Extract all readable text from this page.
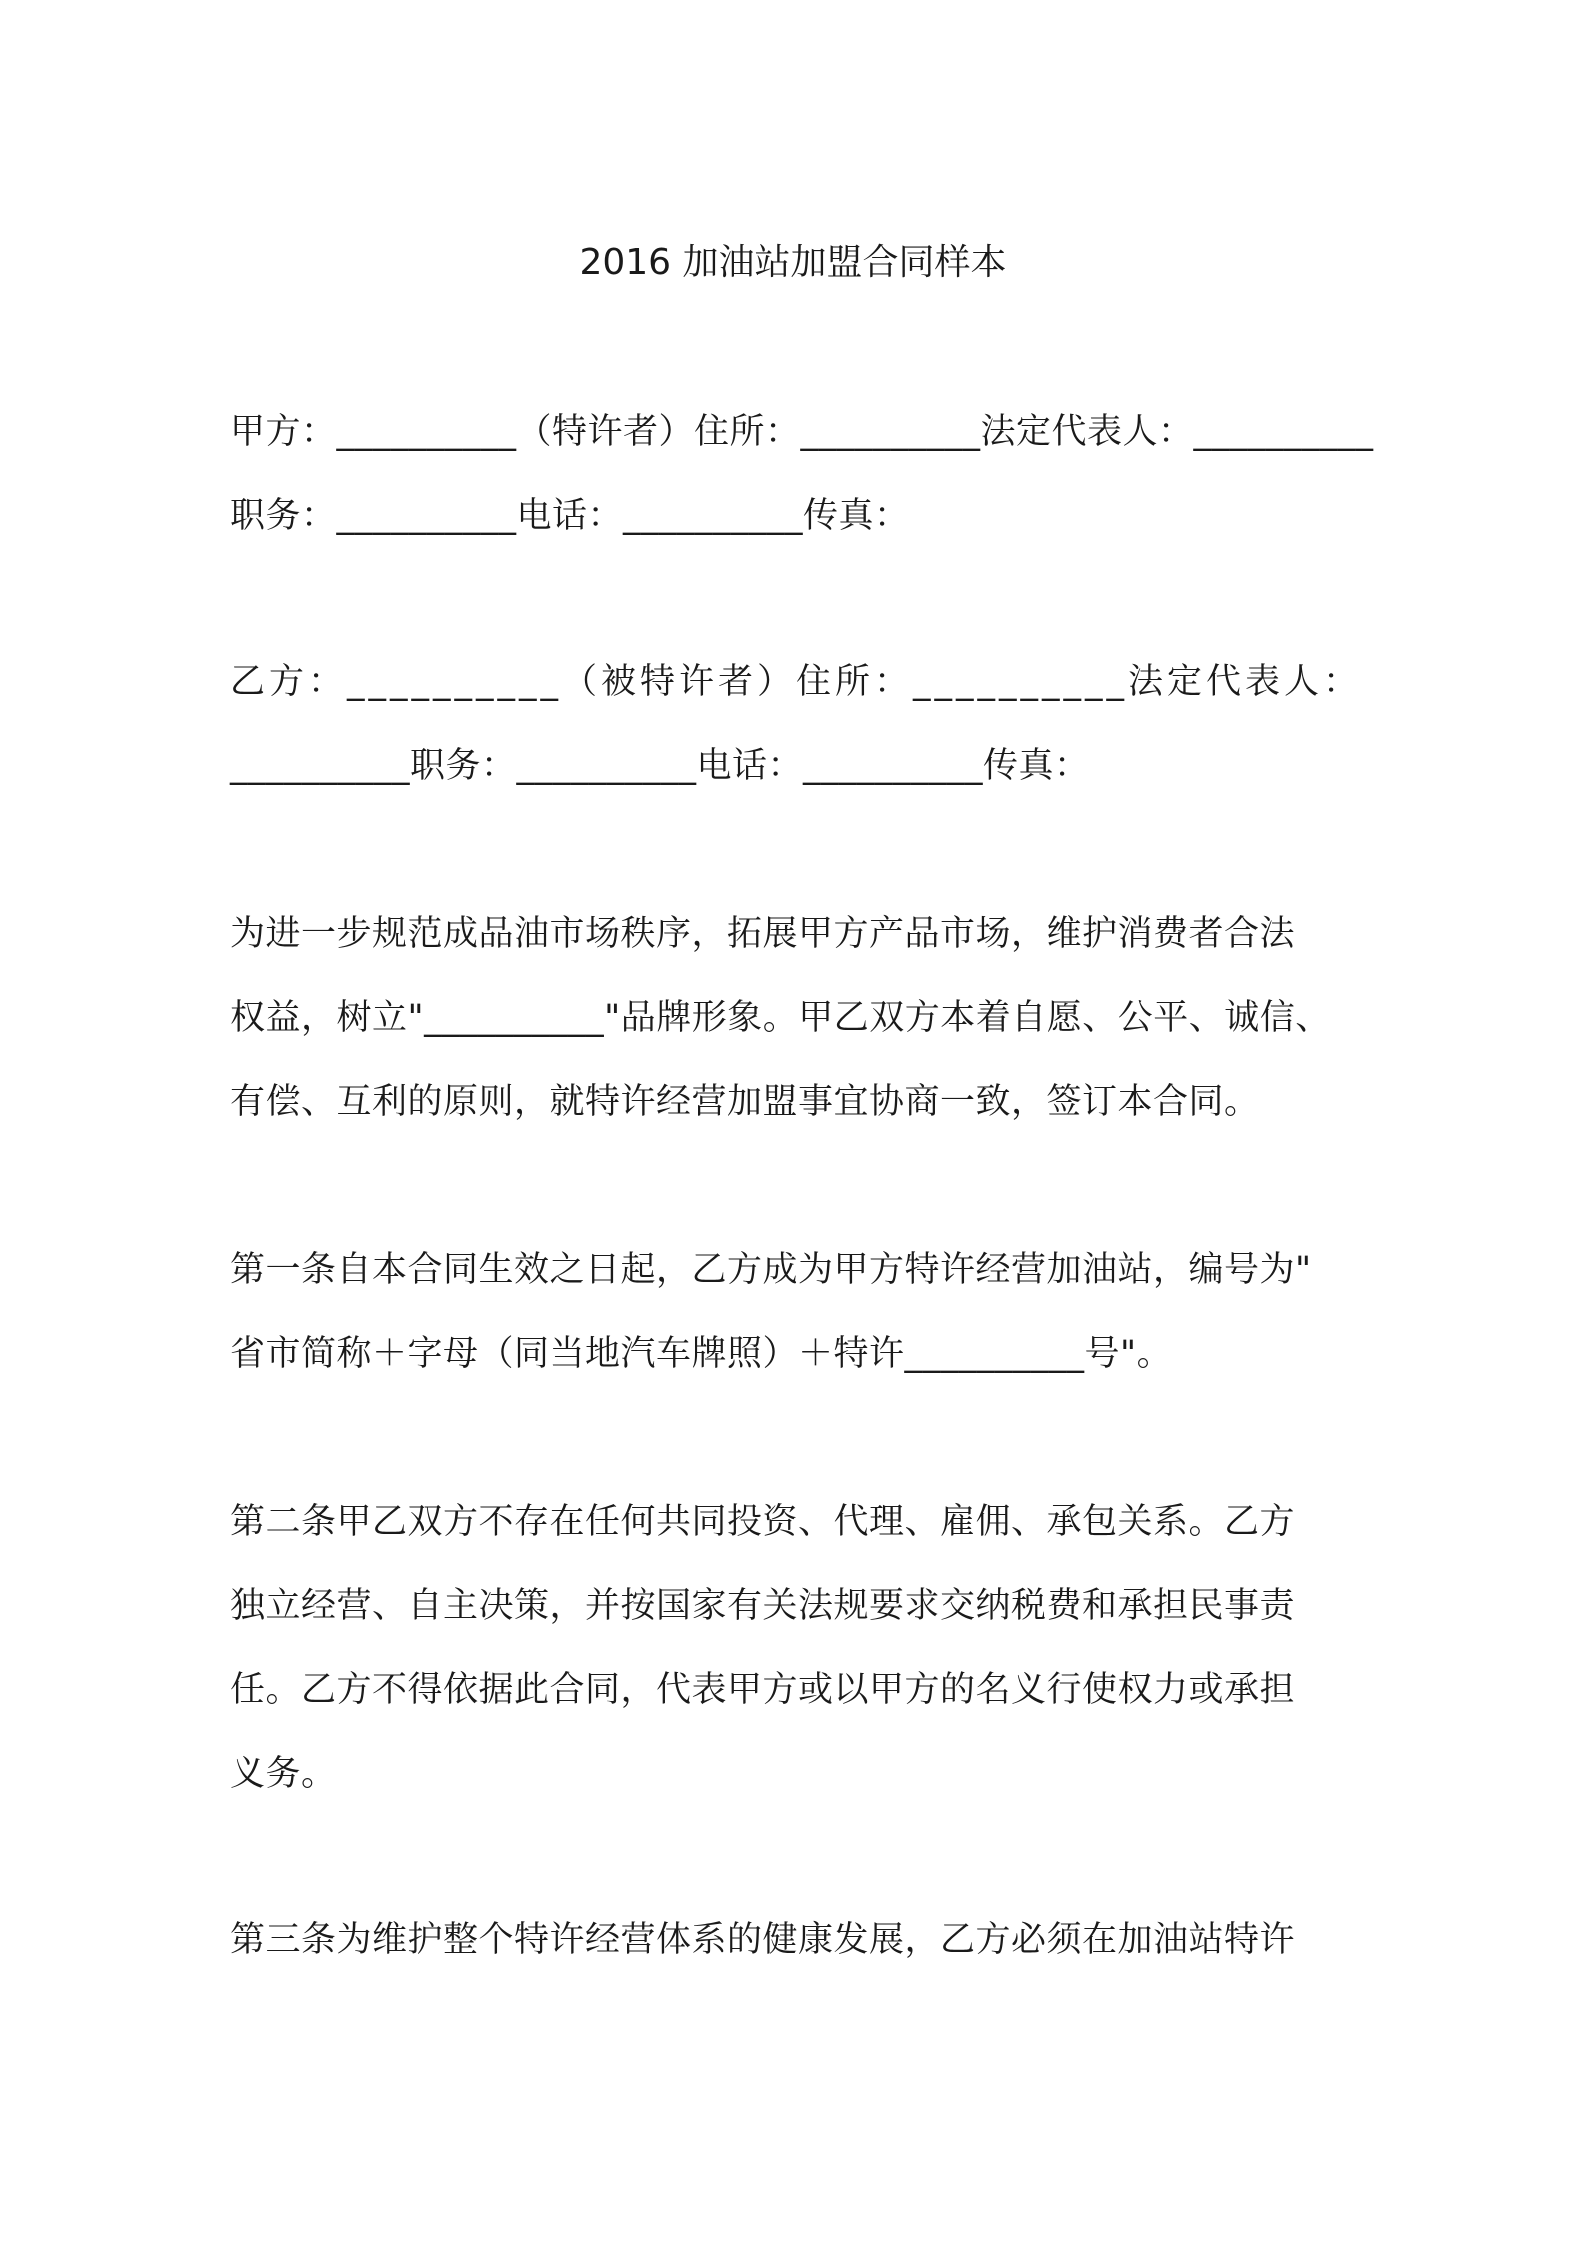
2016 加油站加盟合同样本
甲方：__________（特许者）住所：__________法定代表人：__________
职务：__________电话：__________传真：
乙方：__________（被特许者）住所：__________法定代表人：
__________职务：__________电话：__________传真：
为进一步规范成品油市场秩序，拓展甲方产品市场，维护消费者合法
权益，树立"__________"品牌形象。甲乙双方本着自愿、公平、诚信、
有偿、互利的原则，就特许经营加盟事宜协商一致，签订本合同。
第一条自本合同生效之日起，乙方成为甲方特许经营加油站，编号为"
省市简称＋字母（同当地汽车牌照）＋特许__________号"。
第二条甲乙双方不存在任何共同投资、代理、雇佣、承包关系。乙方
独立经营、自主决策，并按国家有关法规要求交纳税费和承担民事责
任。乙方不得依据此合同，代表甲方或以甲方的名义行使权力或承担
义务。
第三条为维护整个特许经营体系的健康发展，乙方必须在加油站特许
